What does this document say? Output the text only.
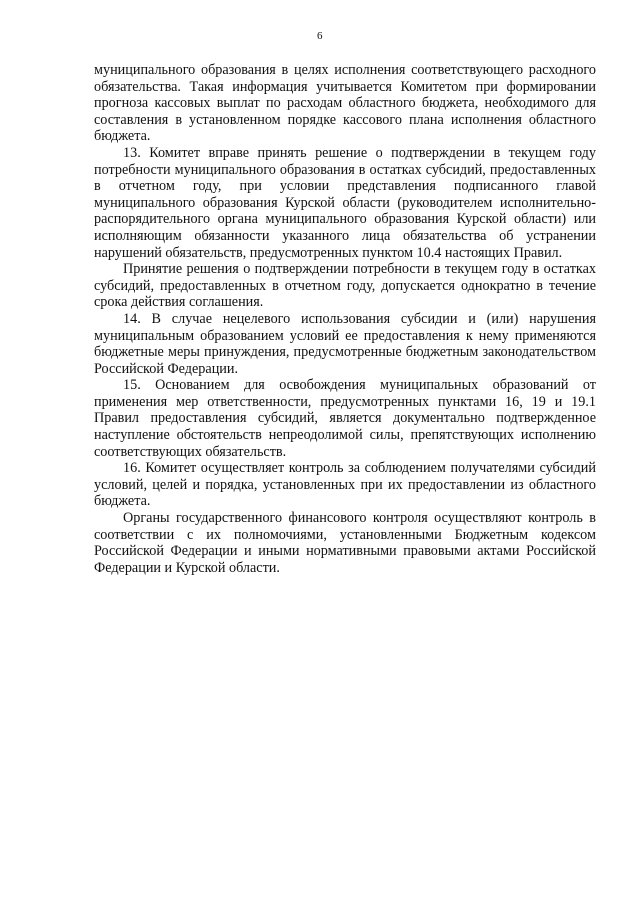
6

муниципального образования в целях исполнения соответствующего расходного обязательства. Такая информация учитывается Комитетом при формировании прогноза кассовых выплат по расходам областного бюджета, необходимого для составления в установленном порядке кассового плана исполнения областного бюджета.

13. Комитет вправе принять решение о подтверждении в текущем году потребности муниципального образования в остатках субсидий, предоставленных в отчетном году, при условии представления подписанного главой муниципального образования Курской области (руководителем исполнительно-распорядительного органа муниципального образования Курской области) или исполняющим обязанности указанного лица обязательства об устранении нарушений обязательств, предусмотренных пунктом 10.4 настоящих Правил.

Принятие решения о подтверждении потребности в текущем году в остатках субсидий, предоставленных в отчетном году, допускается однократно в течение срока действия соглашения.

14. В случае нецелевого использования субсидии и (или) нарушения муниципальным образованием условий ее предоставления к нему применяются бюджетные меры принуждения, предусмотренные бюджетным законодательством Российской Федерации.

15. Основанием для освобождения муниципальных образований от применения мер ответственности, предусмотренных пунктами 16, 19 и 19.1 Правил предоставления субсидий, является документально подтвержденное наступление обстоятельств непреодолимой силы, препятствующих исполнению соответствующих обязательств.

16. Комитет осуществляет контроль за соблюдением получателями субсидий условий, целей и порядка, установленных при их предоставлении из областного бюджета.

Органы государственного финансового контроля осуществляют контроль в соответствии с их полномочиями, установленными Бюджетным кодексом Российской Федерации и иными нормативными правовыми актами Российской Федерации и Курской области.
